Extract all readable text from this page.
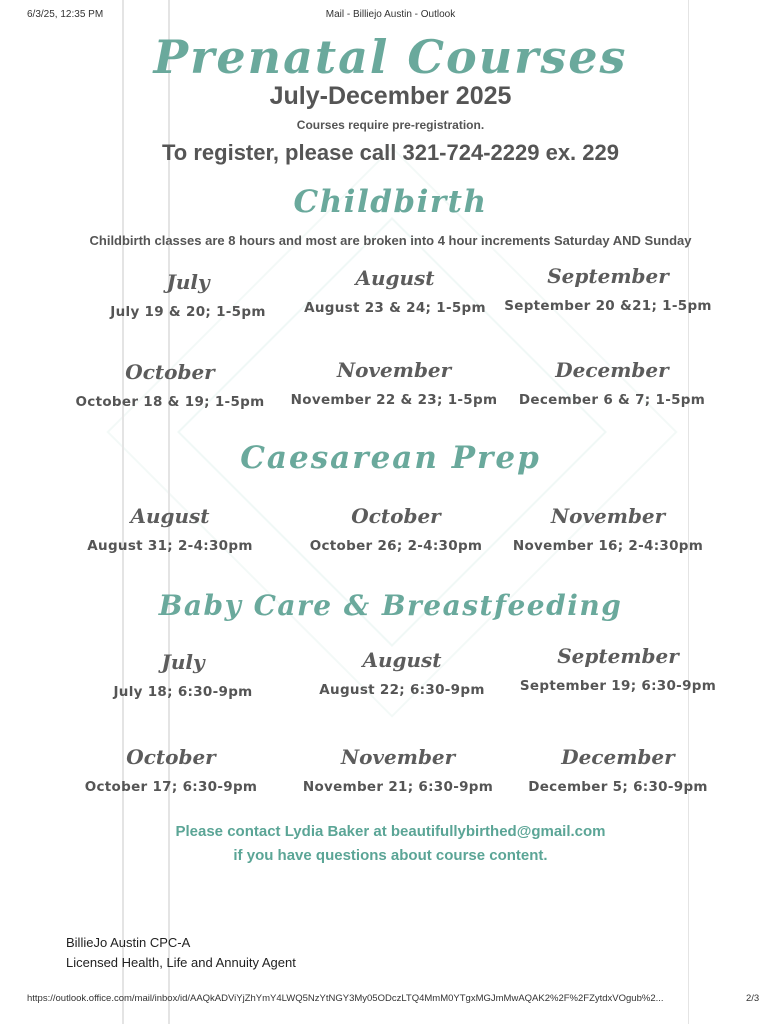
6/3/25, 12:35 PM	Mail - Billiejo Austin - Outlook
Prenatal Courses
July-December 2025
Courses require pre-registration.
To register, please call 321-724-2229 ex. 229
Childbirth
Childbirth classes are 8 hours and most are broken into 4 hour increments Saturday AND Sunday
July
July 19 & 20; 1-5pm
August
August 23 & 24; 1-5pm
September
September 20 &21; 1-5pm
October
October 18 & 19; 1-5pm
November
November 22 & 23; 1-5pm
December
December 6 & 7; 1-5pm
Caesarean Prep
August
August 31; 2-4:30pm
October
October 26; 2-4:30pm
November
November 16; 2-4:30pm
Baby Care & Breastfeeding
July
July 18; 6:30-9pm
August
August 22; 6:30-9pm
September
September 19; 6:30-9pm
October
October 17; 6:30-9pm
November
November 21; 6:30-9pm
December
December 5; 6:30-9pm
Please contact Lydia Baker at beautifullybirthed@gmail.com
if you have questions about course content.
BillieJo Austin CPC-A
Licensed Health, Life and Annuity Agent
https://outlook.office.com/mail/inbox/id/AAQkADViYjZhYmY4LWQ5NzYtNGY3My05ODczLTQ4MmM0YTgxMGJmMwAQAK2%2F%2FZytdxVOgub%2...	2/3
